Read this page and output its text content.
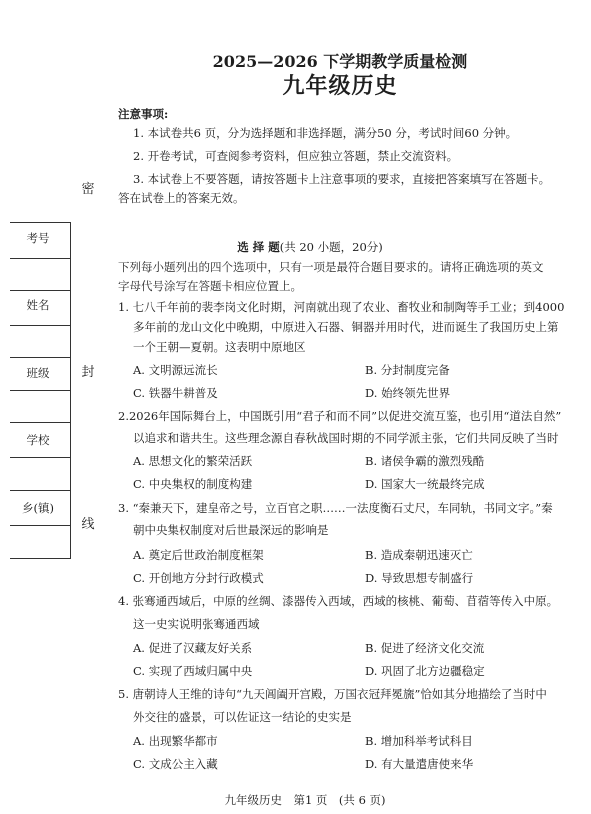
2025—2026 下学期教学质量检测
九年级历史
注意事项:
1. 本试卷共6 页，分为选择题和非选择题，满分50 分，考试时间60 分钟。
2. 开卷考试，可查阅参考资料，但应独立答题，禁止交流资料。
3. 本试卷上不要答题，请按答题卡上注意事项的要求，直接把答案填写在答题卡。
答在试卷上的答案无效。
密
封
线
考号
姓名
班级
学校
乡(镇)
选 择 题(共 20 小题，20分)
下列每小题列出的四个选项中，只有一项是最符合题目要求的。请将正确选项的英文
字母代号涂写在答题卡相应位置上。
1. 七八千年前的裴李岗文化时期，河南就出现了农业、畜牧业和制陶等手工业；到4000
多年前的龙山文化中晚期，中原进入石器、铜器并用时代，进而诞生了我国历史上第
一个王朝—夏朝。这表明中原地区
A. 文明源远流长	B. 分封制度完备
C. 铁器牛耕普及	D. 始终领先世界
2.2026年国际舞台上，中国既引用“君子和而不同”以促进交流互鉴，也引用“道法自然”
以追求和谐共生。这些理念源自春秋战国时期的不同学派主张，它们共同反映了当时
A. 思想文化的繁荣活跃	B. 诸侯争霸的激烈残酷
C. 中央集权的制度构建	D. 国家大一统最终完成
3. “秦兼天下，建皇帝之号，立百官之职……一法度衡石丈尺，车同轨，书同文字。”秦
朝中央集权制度对后世最深远的影响是
A. 奠定后世政治制度框架	B. 造成秦朝迅速灭亡
C. 开创地方分封行政模式	D. 导致思想专制盛行
4. 张骞通西域后，中原的丝绸、漆器传入西域，西域的核桃、葡萄、苜蓿等传入中原。
这一史实说明张骞通西域
A. 促进了汉藏友好关系	B. 促进了经济文化交流
C. 实现了西域归属中央	D. 巩固了北方边疆稳定
5. 唐朝诗人王维的诗句“九天阊阖开宫殿，万国衣冠拜冕旒”恰如其分地描绘了当时中
外交往的盛景，可以佐证这一结论的史实是
A. 出现繁华都市	B. 增加科举考试科目
C. 文成公主入藏	D. 有大量遣唐使来华
九年级历史　第1 页　(共 6 页)
